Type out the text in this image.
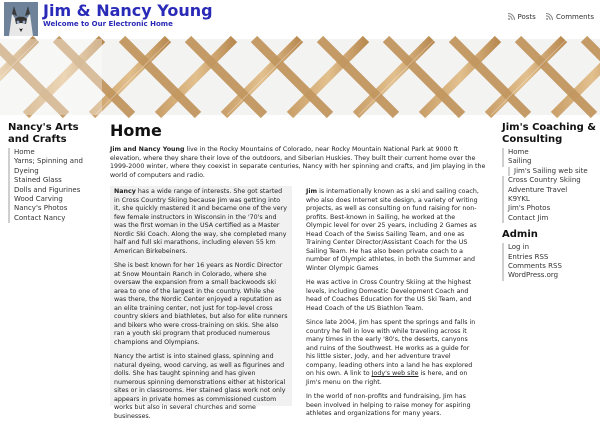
Jim & Nancy Young
Welcome to Our Electronic Home
Posts	Comments
Nancy's Arts and Crafts
Home
Yarns; Spinning and Dyeing
Stained Glass
Dolls and Figurines
Wood Carving
Nancy's Photos
Contact Nancy
Home

Jim and Nancy Young live in the Rocky Mountains of Colorado, near Rocky Mountain National Park at 9000 ft elevation, where they share their love of the outdoors, and Siberian Huskies. They built their current home over the 1999-2000 winter, where they coexist in separate centuries, Nancy with her spinning and crafts, and Jim playing in the world of computers and radio.

Nancy has a wide range of interests. She got started in Cross Country Skiing because Jim was getting into it, she quickly mastered it and became one of the very few female instructors in Wisconsin in the '70's and was the first woman in the USA certified as a Master Nordic Ski Coach. Along the way, she completed many half and full ski marathons, including eleven 55 km American Birkebeiners.

She is best known for her 16 years as Nordic Director at Snow Mountain Ranch in Colorado, where she oversaw the expansion from a small backwoods ski area to one of the largest in the country. While she was there, the Nordic Center enjoyed a reputation as an elite training center, not just for top-level cross country skiers and biathletes, but also for elite runners and bikers who were cross-training on skis. She also ran a youth ski program that produced numerous champions and Olympians.

Nancy the artist is into stained glass, spinning and natural dyeing, wood carving, as well as figurines and dolls. She has taught spinning and has given numerous spinning demonstrations either at historical sites or in classrooms. Her stained glass work not only appears in private homes as commissioned custom works but also in several churches and some businesses.

Jim is internationally known as a ski and sailing coach, who also does Internet site design, a variety of writing projects, as well as consulting on fund raising for non-profits. Best-known in Sailing, he worked at the Olympic level for over 25 years, including 2 Games as Head Coach of the Swiss Sailing Team, and one as Training Center Director/Assistant Coach for the US Sailing Team. He has also been private coach to a number of Olympic athletes, in both the Summer and Winter Olympic Games

He was active in Cross Country Skiing at the highest levels, including Domestic Development Coach and head of Coaches Education for the US Ski Team, and Head Coach of the US Biathlon Team.

Since late 2004, Jim has spent the springs and falls in country he fell in love with while traveling across it many times in the early '80's, the deserts, canyons and ruins of the Southwest. He works as a guide for his little sister, Jody, and her adventure travel company, leading others into a land he has explored on his own. A link to Jody's web site is here, and on Jim's menu on the right.

In the world of non-profits and fundraising, Jim has been involved in helping to raise money for aspiring athletes and organizations for many years.

Jim's Coaching & Consulting
Home
Sailing
Jim's Sailing web site
Cross Country Skiing
Adventure Travel
K9YKL
Jim's Photos
Contact Jim
Admin
Log in
Entries RSS
Comments RSS
WordPress.org
